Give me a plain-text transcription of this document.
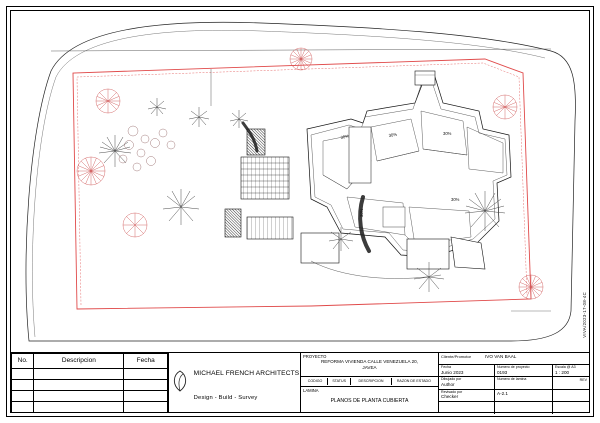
30%	30%	30%
30%
30%
VIVA/2023-17-08-4C
No.	Descripcion	Fecha

MICHAEL FRENCH ARCHITECTS
Design - Build - Survey
PROYECTO
REFORMA VIVIENDA CALLE VENEZUELA 20,
JAVEA
CODIGO	STATUS	DESCRIPCION	RAZON DE ESTADO
LAMINA
PLANOS DE PLANTA CUBIERTA
Cliente/Promotor	IVO VAN BAAL
Fecha
Junio 2023
Dibujado por
Author
Revisado por
Checker
Numero de proyecto
0193
Numero de lamina
A-2.1
Escala @ A3
1 : 200
REV
